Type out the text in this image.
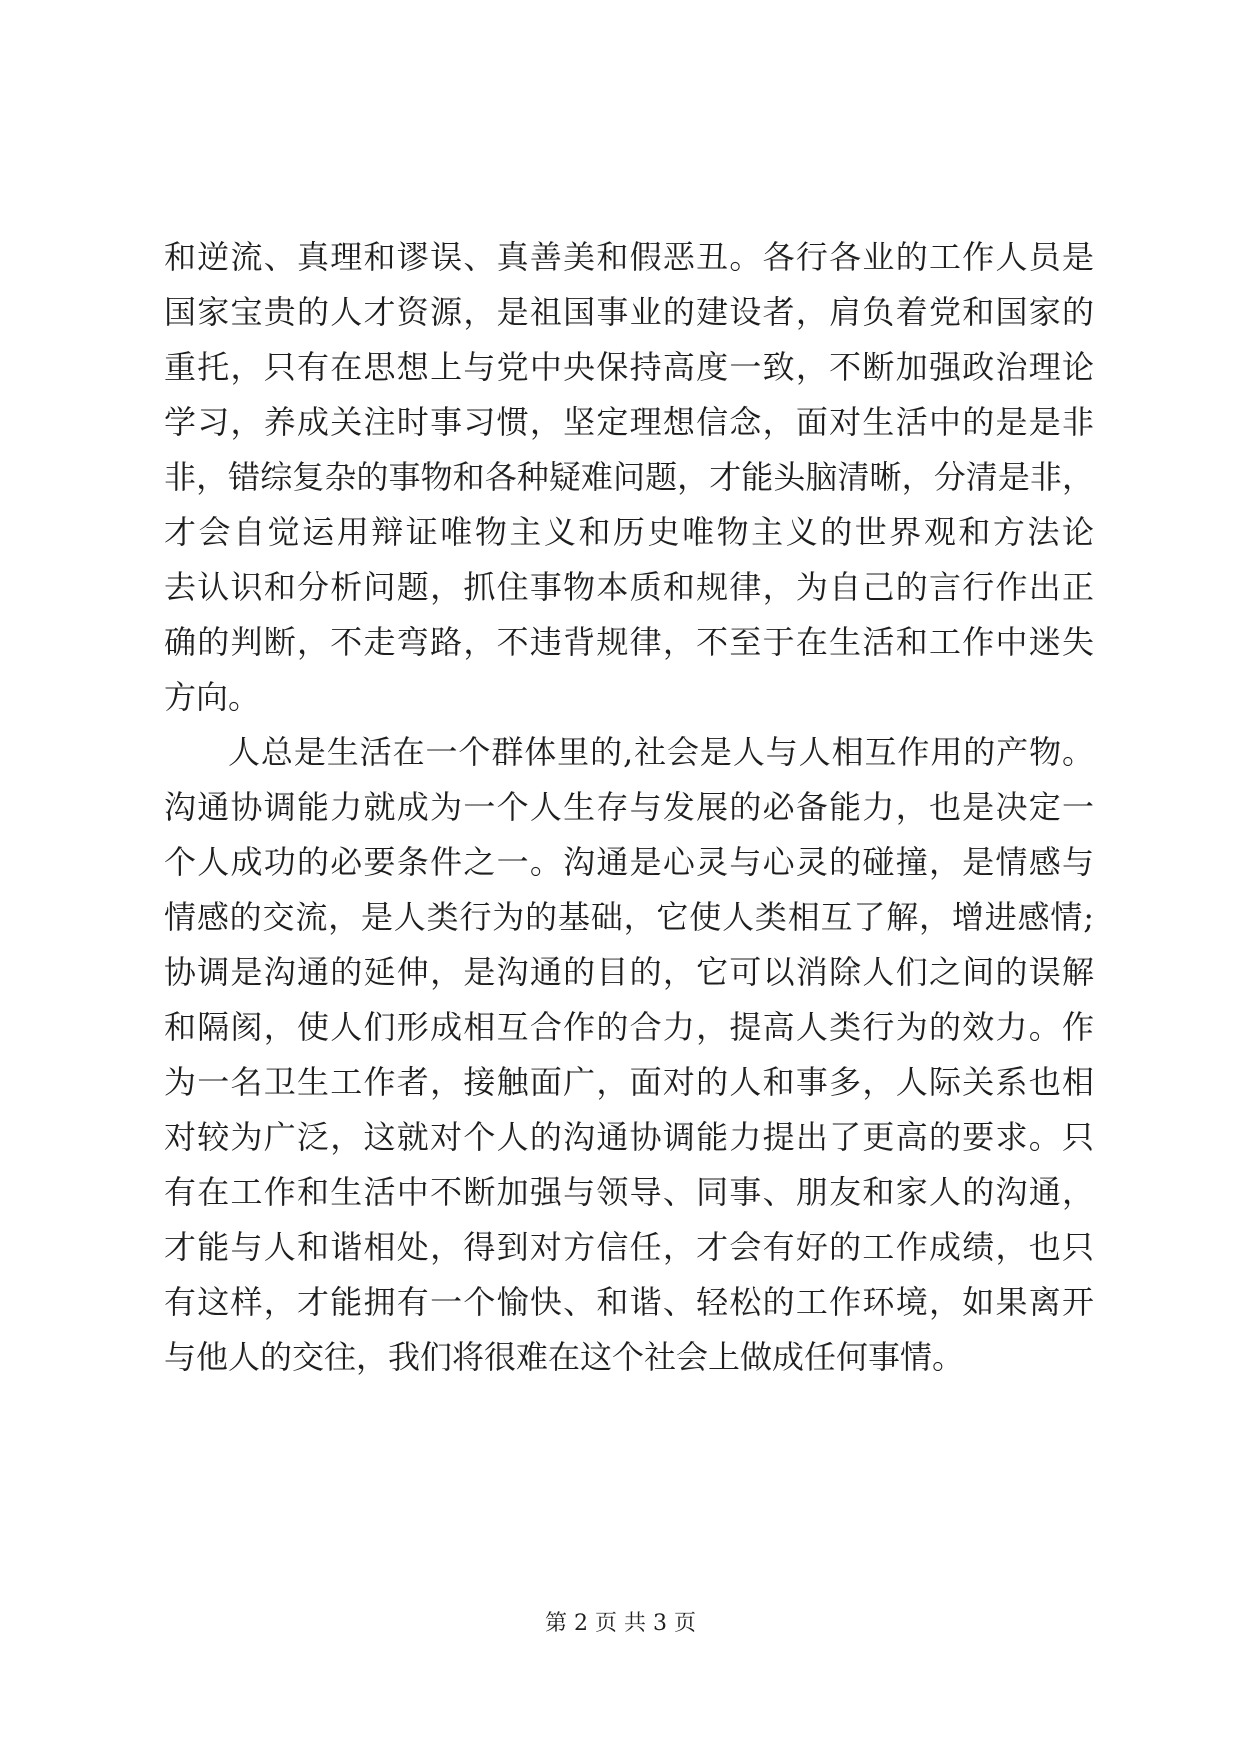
和逆流、真理和谬误、真善美和假恶丑。各行各业的工作人员是
国家宝贵的人才资源，是祖国事业的建设者，肩负着党和国家的
重托，只有在思想上与党中央保持高度一致，不断加强政治理论
学习，养成关注时事习惯，坚定理想信念，面对生活中的是是非
非，错综复杂的事物和各种疑难问题，才能头脑清晰，分清是非，
才会自觉运用辩证唯物主义和历史唯物主义的世界观和方法论
去认识和分析问题，抓住事物本质和规律，为自己的言行作出正
确的判断，不走弯路，不违背规律，不至于在生活和工作中迷失
方向。
人总是生活在一个群体里的,社会是人与人相互作用的产物。
沟通协调能力就成为一个人生存与发展的必备能力，也是决定一
个人成功的必要条件之一。沟通是心灵与心灵的碰撞，是情感与
情感的交流，是人类行为的基础，它使人类相互了解，增进感情;
协调是沟通的延伸，是沟通的目的，它可以消除人们之间的误解
和隔阂，使人们形成相互合作的合力，提高人类行为的效力。作
为一名卫生工作者，接触面广，面对的人和事多，人际关系也相
对较为广泛，这就对个人的沟通协调能力提出了更高的要求。只
有在工作和生活中不断加强与领导、同事、朋友和家人的沟通，
才能与人和谐相处，得到对方信任，才会有好的工作成绩，也只
有这样，才能拥有一个愉快、和谐、轻松的工作环境，如果离开
与他人的交往，我们将很难在这个社会上做成任何事情。
第 2 页 共 3 页
